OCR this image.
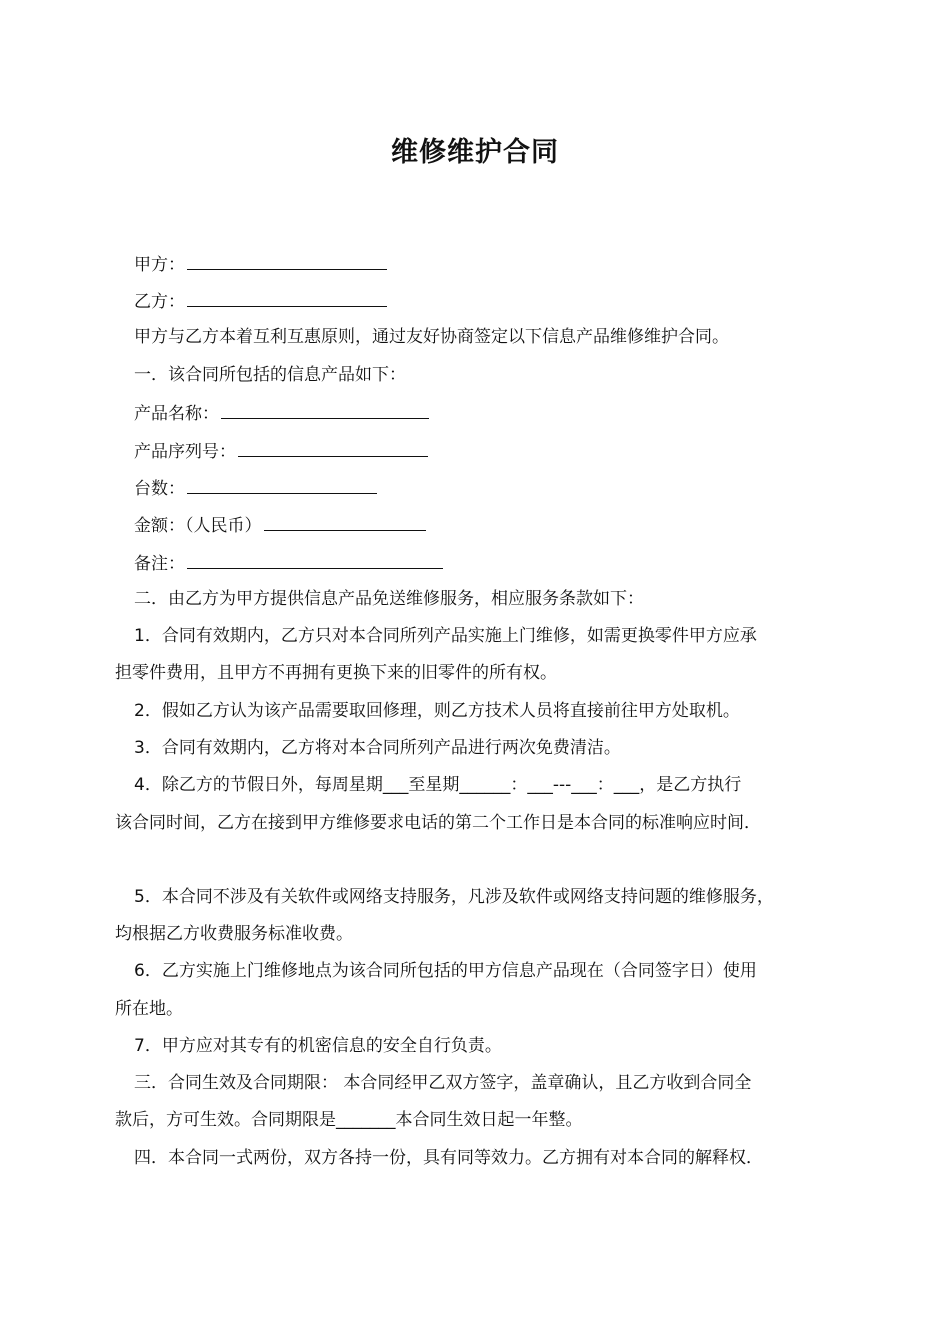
维修维护合同

甲方：

乙方：

甲方与乙方本着互利互惠原则，通过友好协商签定以下信息产品维修维护合同。

一．该合同所包括的信息产品如下：

产品名称：

产品序列号：

台数：

金额：（人民币）

备注：

二．由乙方为甲方提供信息产品免送维修服务，相应服务条款如下：

1．合同有效期内，乙方只对本合同所列产品实施上门维修，如需更换零件甲方应承

担零件费用，且甲方不再拥有更换下来的旧零件的所有权。

2．假如乙方认为该产品需要取回修理，则乙方技术人员将直接前往甲方处取机。

3．合同有效期内，乙方将对本合同所列产品进行两次免费清洁。

4．除乙方的节假日外，每周星期___至星期______：___---___：___，是乙方执行

该合同时间，乙方在接到甲方维修要求电话的第二个工作日是本合同的标准响应时间．

5．本合同不涉及有关软件或网络支持服务，凡涉及软件或网络支持问题的维修服务，

均根据乙方收费服务标准收费。

6．乙方实施上门维修地点为该合同所包括的甲方信息产品现在（合同签字日）使用

所在地。

7．甲方应对其专有的机密信息的安全自行负责。

三．合同生效及合同期限： 本合同经甲乙双方签字，盖章确认，且乙方收到合同全

款后，方可生效。合同期限是_______本合同生效日起一年整。

四．本合同一式两份，双方各持一份，具有同等效力。乙方拥有对本合同的解释权．
